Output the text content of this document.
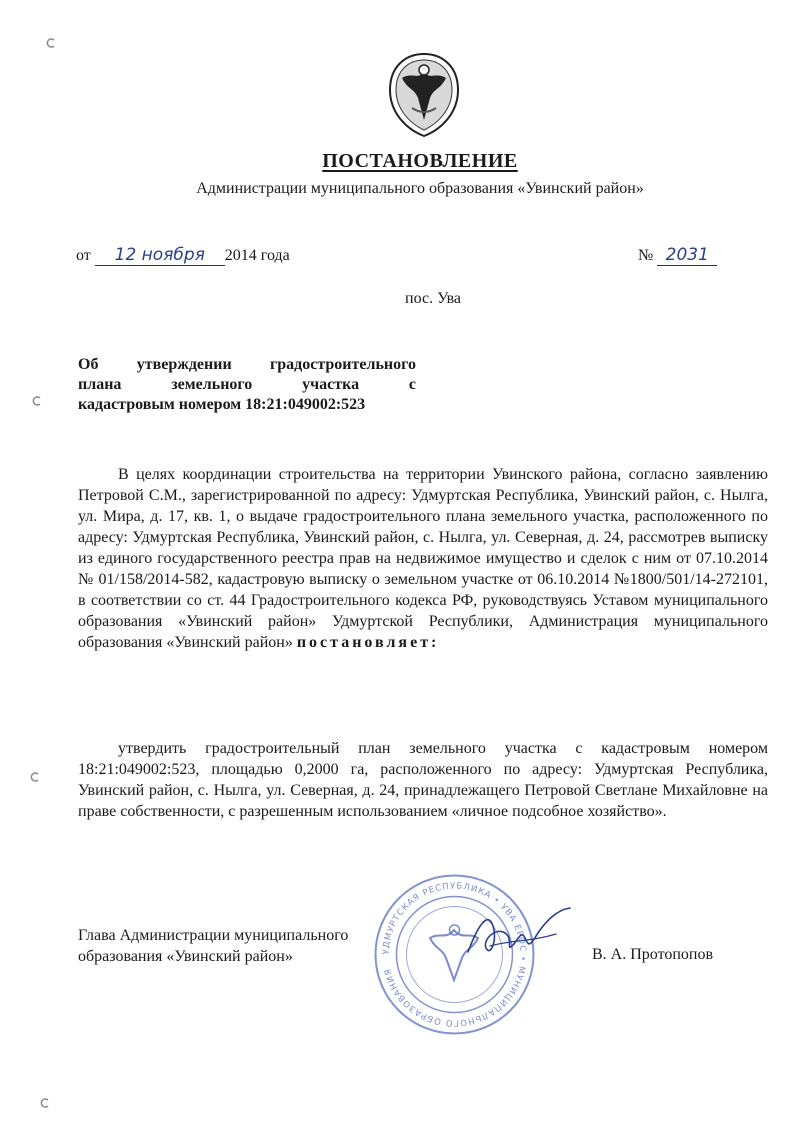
ПОСТАНОВЛЕНИЕ
Администрации муниципального образования «Увинский район»
от 12 ноября 2014 года	№ 2031
пос. Ува
Об утверждении градостроительного
плана земельного участка с
кадастровым номером 18:21:049002:523
В целях координации строительства на территории Увинского района, согласно заявлению Петровой С.М., зарегистрированной по адресу: Удмуртская Республика, Увинский район, с. Нылга, ул. Мира, д. 17, кв. 1, о выдаче градостроительного плана земельного участка, расположенного по адресу: Удмуртская Республика, Увинский район, с. Нылга, ул. Северная, д. 24, рассмотрев выписку из единого государственного реестра прав на недвижимое имущество и сделок с ним от 07.10.2014 № 01/158/2014-582, кадастровую выписку о земельном участке от 06.10.2014 №1800/501/14-272101, в соответствии со ст. 44 Градостроительного кодекса РФ, руководствуясь Уставом муниципального образования «Увинский район» Удмуртской Республики, Администрация муниципального образования «Увинский район» постановляет:
утвердить градостроительный план земельного участка с кадастровым номером 18:21:049002:523, площадью 0,2000 га, расположенного по адресу: Удмуртская Республика, Увинский район, с. Нылга, ул. Северная, д. 24, принадлежащего Петровой Светлане Михайловне на праве собственности, с разрешенным использованием «личное подсобное хозяйство».
УДМУРТСКАЯ РЕСПУБЛИКА • УВА ЕРОС • МУНИЦИПАЛЬНОГО ОБРАЗОВАНИЯ
Глава Администрации муниципального
образования «Увинский район»	В. А. Протопопов
